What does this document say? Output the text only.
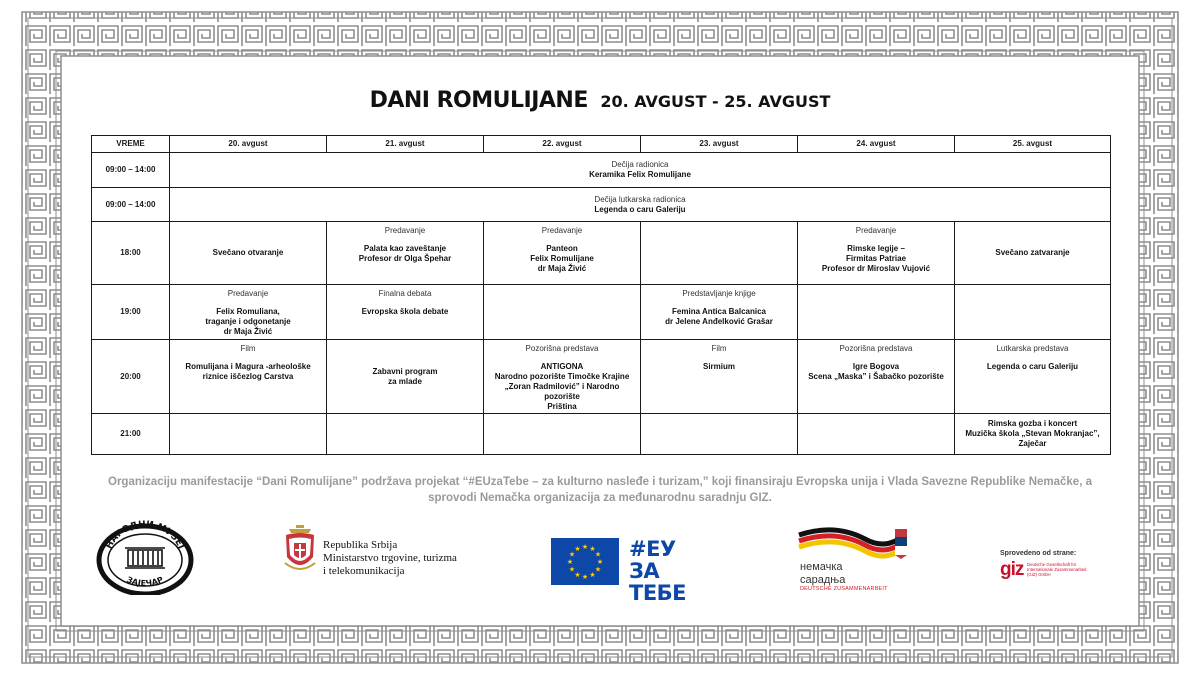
DANI ROMULIJANE 20. AVGUST - 25. AVGUST
VREME	20. avgust	21. avgust	22. avgust	23. avgust	24. avgust	25. avgust
09:00 – 14:00	Dečija radionica
Keramika Felix Romulijane					

09:00 – 14:00	Dečija lutkarska radionica
Legenda o caru Galeriju					

18:00	Svečano otvaranje	Predavanje
Palata kao zaveštanje
Profesor dr Olga Špehar	Predavanje
Panteon
Felix Romulijane
dr Maja Živić		Predavanje
Rimske legije –
Firmitas Patriae
Profesor dr Miroslav Vujović	Svečano zatvaranje

19:00	Predavanje
Felix Romuliana,
traganje i odgonetanje
dr Maja Živić	Finalna debata
Evropska škola debate		Predstavljanje knjige
Femina Antica Balcanica
dr Jelene Anđelković Grašar		

20:00	Film
Romulijana i Magura -arheološke
riznice iščezlog Carstva	Zabavni program
za mlade	Pozorišna predstava
ANTIGONA
Narodno pozorište Timočke Krajine
„Zoran Radmilović” i Narodno pozorište
Priština	Film
Sirmium	Pozorišna predstava
Igre Bogova
Scena „Maska” i Šabačko pozorište	Lutkarska predstava
Legenda o caru Galeriju

21:00						Rimska gozba i koncert
Muzička škola „Stevan Mokranjac”,
Zaječar
Organizaciju manifestacije “Dani Romulijane” podržava projekat “#EUzaTebe – za kulturno nasleđe i turizam,” koji finansiraju Evropska unija i Vlada Savezne Republike Nemačke, a
sprovodi Nemačka organizacija za međunarodnu saradnju GIZ.
НАРОДНИ МУЗЕЈ
ЗАЈЕЧАР
Republika Srbija
Ministarstvo trgovine, turizma
i telekomunikacija
★ ★
★
★
★
★
★
★
★
★
★
★ #ЕУ
ЗА ТЕБЕ
немачка
сарадња
DEUTSCHE ZUSAMMENARBEIT
Sprovedeno od strane:
giz Deutsche Gesellschaft für Internationale Zusammenarbeit (GIZ) GmbH
